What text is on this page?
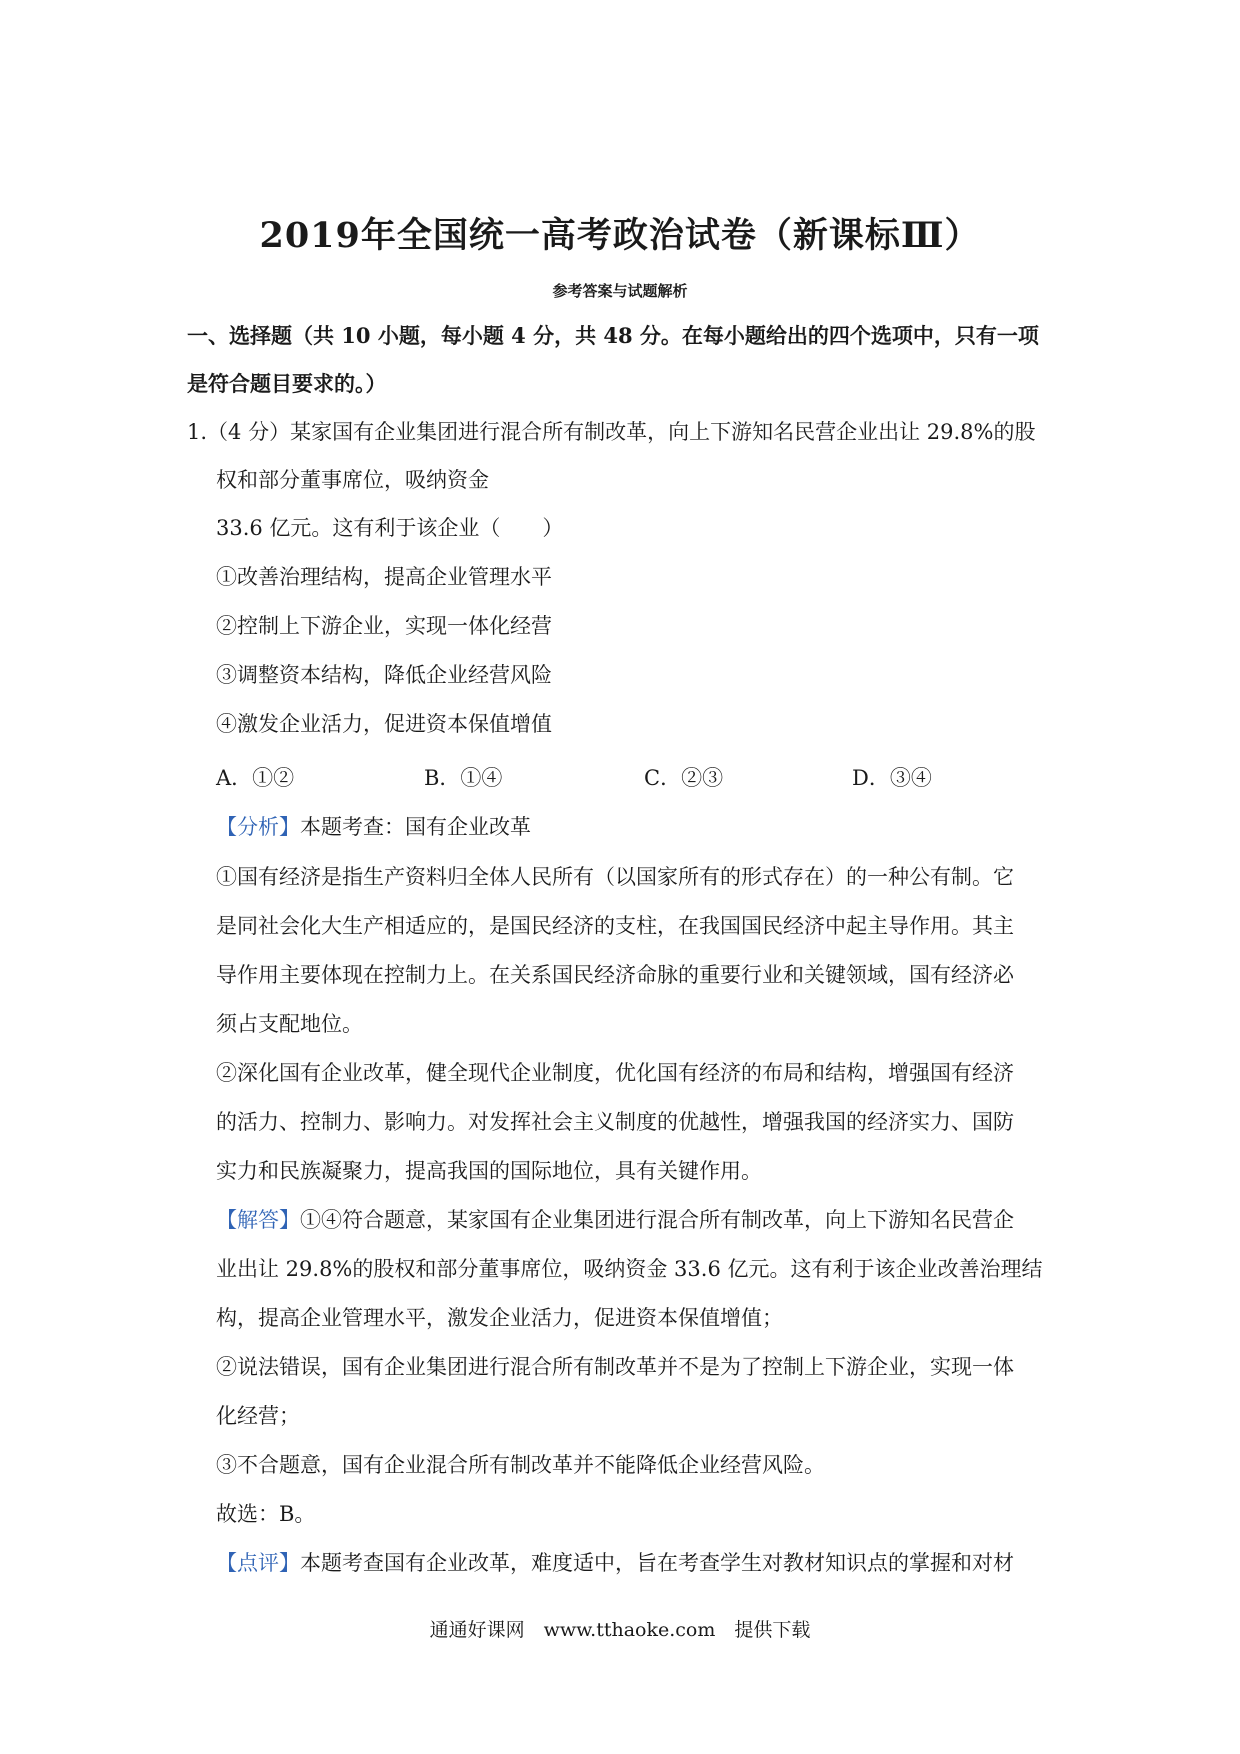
2019年全国统一高考政治试卷（新课标Ⅲ）
参考答案与试题解析
一、选择题（共 10 小题，每小题 4 分，共 48 分。在每小题给出的四个选项中，只有一项
是符合题目要求的。）
1.（4 分）某家国有企业集团进行混合所有制改革，向上下游知名民营企业出让 29.8%的股
权和部分董事席位，吸纳资金
33.6 亿元。这有利于该企业（　　）
①改善治理结构，提高企业管理水平
②控制上下游企业，实现一体化经营
③调整资本结构，降低企业经营风险
④激发企业活力，促进资本保值增值
A．①②	B．①④	C．②③	D．③④
【分析】本题考查：国有企业改革
①国有经济是指生产资料归全体人民所有（以国家所有的形式存在）的一种公有制。它
是同社会化大生产相适应的，是国民经济的支柱，在我国国民经济中起主导作用。其主
导作用主要体现在控制力上。在关系国民经济命脉的重要行业和关键领域，国有经济必
须占支配地位。
②深化国有企业改革，健全现代企业制度，优化国有经济的布局和结构，增强国有经济
的活力、控制力、影响力。对发挥社会主义制度的优越性，增强我国的经济实力、国防
实力和民族凝聚力，提高我国的国际地位，具有关键作用。
【解答】①④符合题意，某家国有企业集团进行混合所有制改革，向上下游知名民营企
业出让 29.8%的股权和部分董事席位，吸纳资金 33.6 亿元。这有利于该企业改善治理结
构，提高企业管理水平，激发企业活力，促进资本保值增值；
②说法错误，国有企业集团进行混合所有制改革并不是为了控制上下游企业，实现一体
化经营；
③不合题意，国有企业混合所有制改革并不能降低企业经营风险。
故选：B。
【点评】本题考查国有企业改革，难度适中，旨在考查学生对教材知识点的掌握和对材
通通好课网　www.tthaoke.com　提供下载
